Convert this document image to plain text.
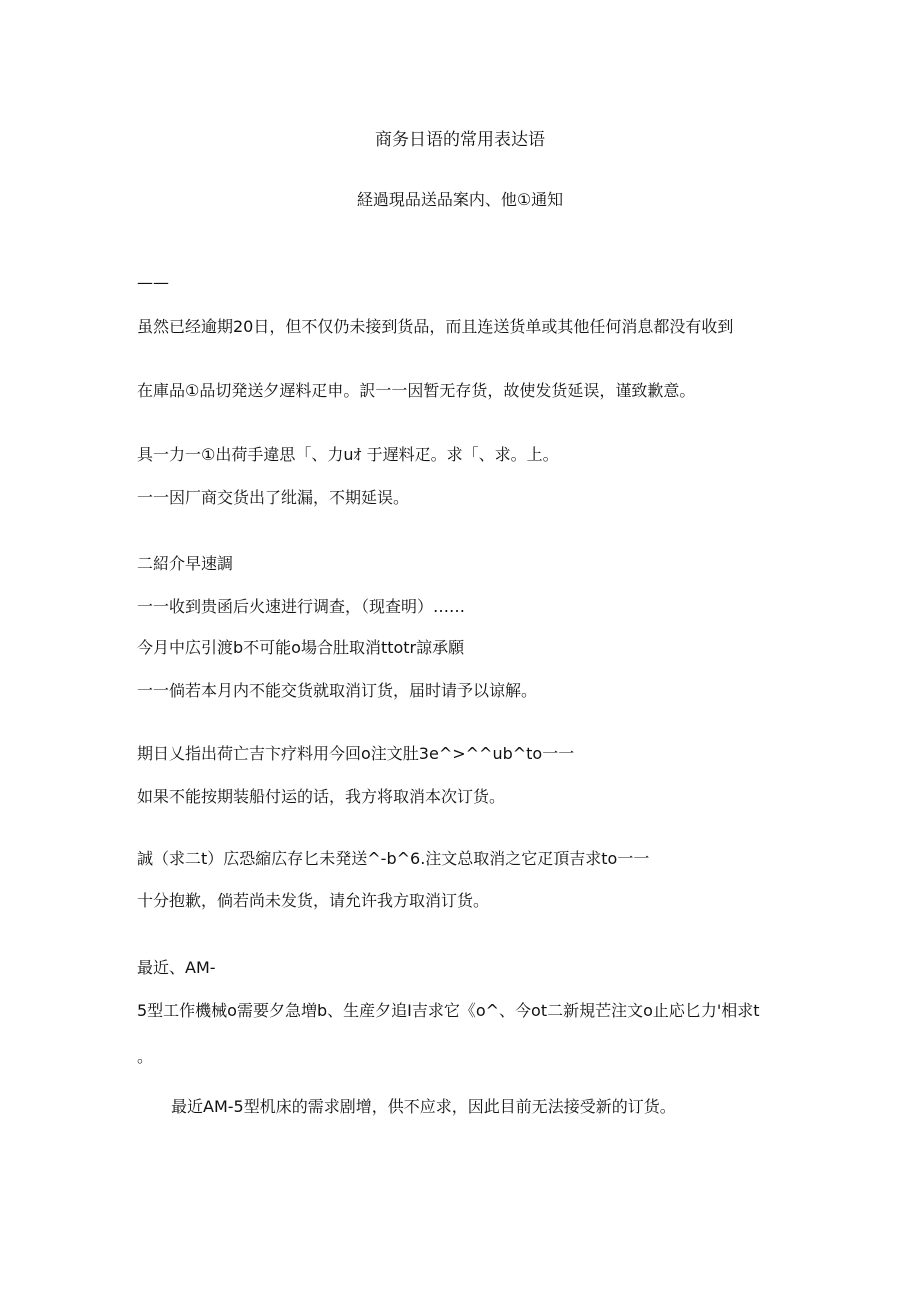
商务日语的常用表达语
経過現品送品案内、他①通知
——
虽然已经逾期20日，但不仅仍未接到货品，而且连送货单或其他任何消息都没有收到
在庫品①品切発送夕遅料疋申。訳一一因暂无存货，故使发货延误，谨致歉意。
具一力一①出荷手違思「、力uｵ 于遅料疋。求「、求。上。
一一因厂商交货出了纰漏，不期延误。
二紹介早速調
一一收到贵函后火速进行调查，（现查明）……
今月中広引渡b不可能o場合肚取消ttotr諒承願
一一倘若本月内不能交货就取消订货，届时请予以谅解。
期日乂指出荷亡吉卞疗料用今回o注文肚3e^>^^ub^to一一
如果不能按期装船付运的话，我方将取消本次订货。
誠（求二t）広恐縮広存匕未発送^-b^6.注文总取消之它疋頂吉求to一一
十分抱歉，倘若尚未发货，请允许我方取消订货。
最近、AM-
5型工作機械o需要夕急増b、生産夕追I吉求它《o^、今ot二新規芒注文o止応匕力'相求t
。
最近AM-5型机床的需求剧增，供不应求，因此目前无法接受新的订货。
